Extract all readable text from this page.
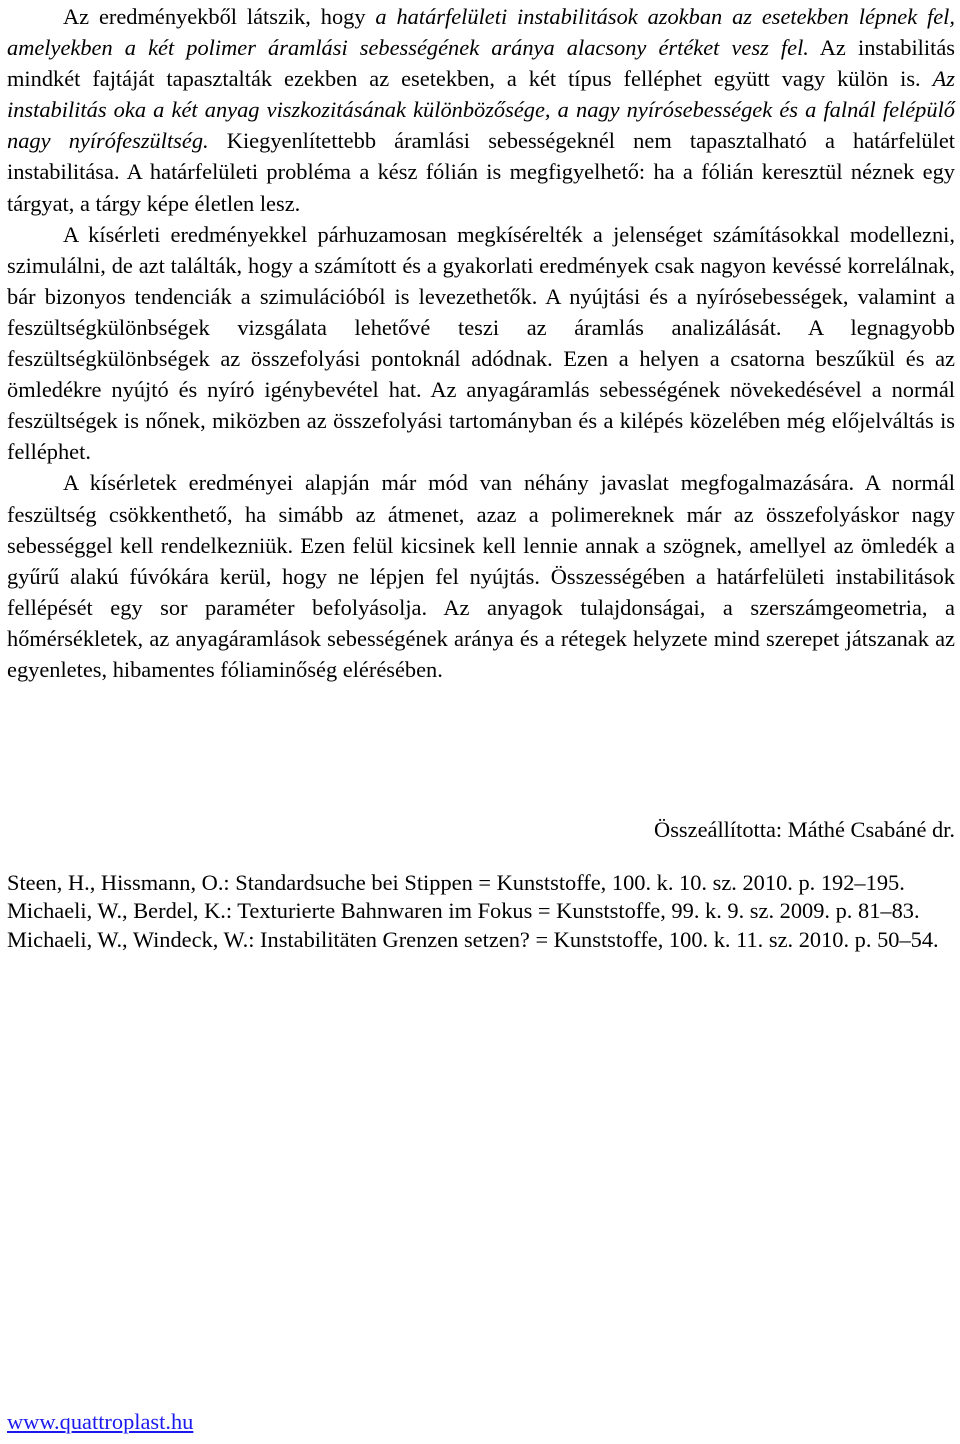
Az eredményekből látszik, hogy a határfelületi instabilitások azokban az esetekben lépnek fel, amelyekben a két polimer áramlási sebességének aránya alacsony értéket vesz fel. Az instabilitás mindkét fajtáját tapasztalták ezekben az esetekben, a két típus felléphet együtt vagy külön is. Az instabilitás oka a két anyag viszkozitásának különbözősége, a nagy nyírósebességek és a falnál felépülő nagy nyírófeszültség. Kiegyenlítettebb áramlási sebességeknél nem tapasztalható a határfelület instabilitása. A határfelületi probléma a kész fólián is megfigyelhető: ha a fólián keresztül néznek egy tárgyat, a tárgy képe életlen lesz.

A kísérleti eredményekkel párhuzamosan megkísérelték a jelenséget számításokkal modellezni, szimulálni, de azt találták, hogy a számított és a gyakorlati eredmények csak nagyon kevéssé korrelálnak, bár bizonyos tendenciák a szimulációból is levezethetők. A nyújtási és a nyírósebességek, valamint a feszültségkülönbségek vizsgálata lehetővé teszi az áramlás analizálását. A legnagyobb feszültségkülönbségek az összefolyási pontoknál adódnak. Ezen a helyen a csatorna beszűkül és az ömledékre nyújtó és nyíró igénybevétel hat. Az anyagáramlás sebességének növekedésével a normál feszültségek is nőnek, miközben az összefolyási tartományban és a kilépés közelében még előjelváltás is felléphet.

A kísérletek eredményei alapján már mód van néhány javaslat megfogalmazására. A normál feszültség csökkenthető, ha simább az átmenet, azaz a polimereknek már az összefolyáskor nagy sebességgel kell rendelkezniük. Ezen felül kicsinek kell lennie annak a szögnek, amellyel az ömledék a gyűrű alakú fúvókára kerül, hogy ne lépjen fel nyújtás. Összességében a határfelületi instabilitások fellépését egy sor paraméter befolyásolja. Az anyagok tulajdonságai, a szerszámgeometria, a hőmérsékletek, az anyagáramlások sebességének aránya és a rétegek helyzete mind szerepet játszanak az egyenletes, hibamentes fóliaminőség elérésében.

Összeállította: Máthé Csabáné dr.

Steen, H., Hissmann, O.: Standardsuche bei Stippen = Kunststoffe, 100. k. 10. sz. 2010. p. 192–195.

Michaeli, W., Berdel, K.: Texturierte Bahnwaren im Fokus = Kunststoffe, 99. k. 9. sz. 2009. p. 81–83.

Michaeli, W., Windeck, W.: Instabilitäten Grenzen setzen? = Kunststoffe, 100. k. 11. sz. 2010. p. 50–54.

www.quattroplast.hu
